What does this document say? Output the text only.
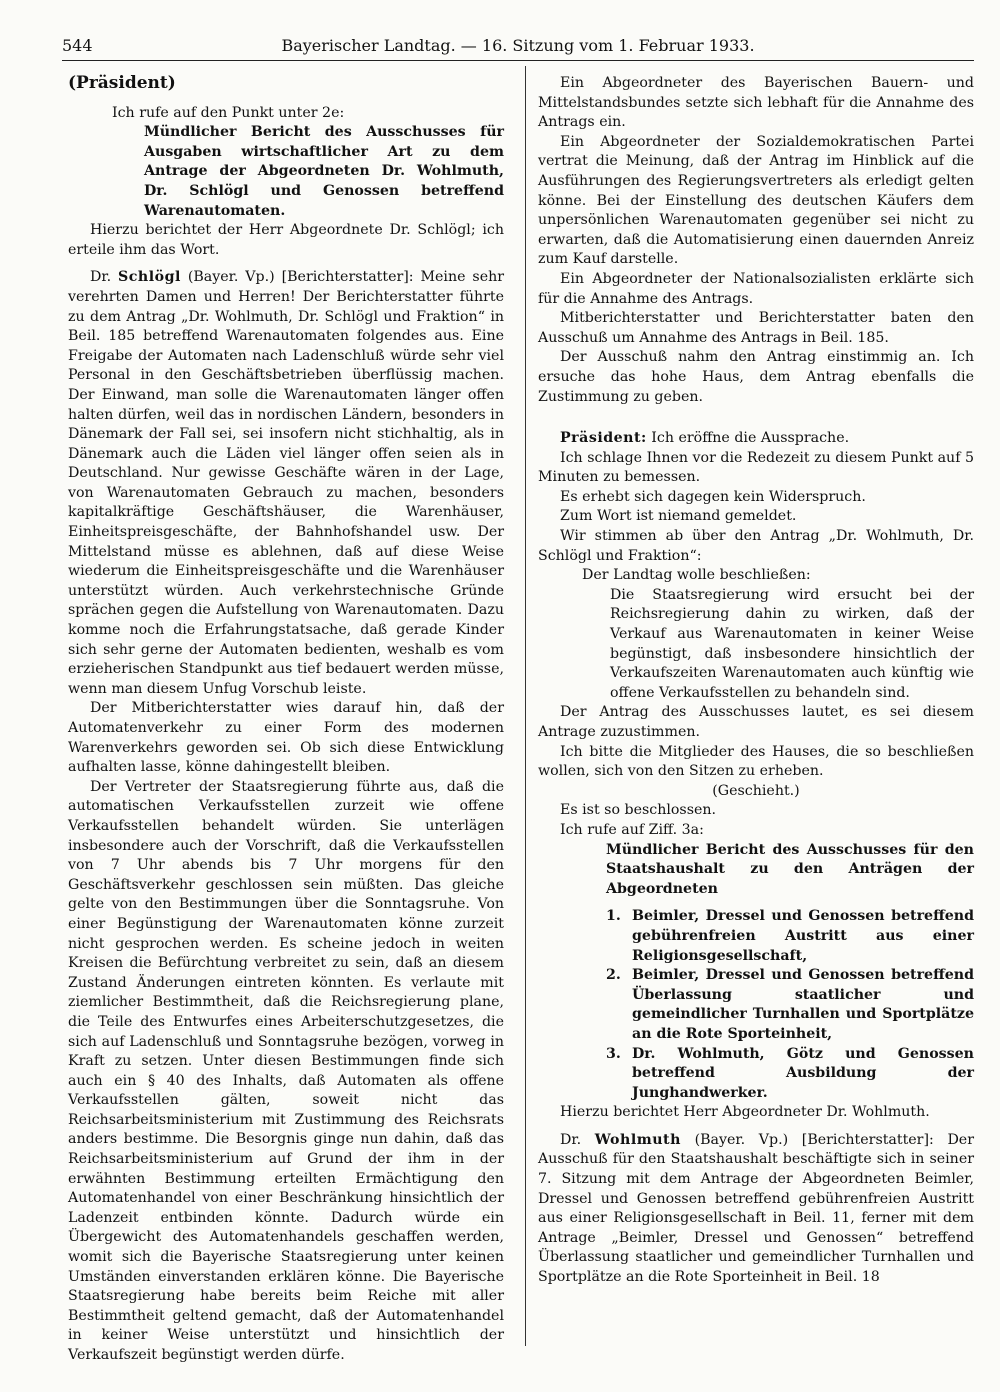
544	Bayerischer Landtag. — 16. Sitzung vom 1. Februar 1933.

(Präsident)

Ich rufe auf den Punkt unter 2e:

Mündlicher Bericht des Ausschusses für Ausgaben wirtschaftlicher Art zu dem Antrage der Abgeordneten Dr. Wohlmuth, Dr. Schlögl und Genossen betreffend Warenautomaten.

Hierzu berichtet der Herr Abgeordnete Dr. Schlögl; ich erteile ihm das Wort.

Dr. Schlögl (Bayer. Vp.) [Berichterstatter]: Meine sehr verehrten Damen und Herren! Der Berichterstatter führte zu dem Antrag „Dr. Wohlmuth, Dr. Schlögl und Fraktion“ in Beil. 185 betreffend Warenautomaten folgendes aus. Eine Freigabe der Automaten nach Ladenschluß würde sehr viel Personal in den Geschäftsbetrieben überflüssig machen. Der Einwand, man solle die Warenautomaten länger offen halten dürfen, weil das in nordischen Ländern, besonders in Dänemark der Fall sei, sei insofern nicht stichhaltig, als in Dänemark auch die Läden viel länger offen seien als in Deutschland. Nur gewisse Geschäfte wären in der Lage, von Warenautomaten Gebrauch zu machen, besonders kapitalkräftige Geschäftshäuser, die Warenhäuser, Einheitspreisgeschäfte, der Bahnhofshandel usw. Der Mittelstand müsse es ablehnen, daß auf diese Weise wiederum die Einheitspreisgeschäfte und die Warenhäuser unterstützt würden. Auch verkehrstechnische Gründe sprächen gegen die Aufstellung von Warenautomaten. Dazu komme noch die Erfahrungstatsache, daß gerade Kinder sich sehr gerne der Automaten bedienten, weshalb es vom erzieherischen Standpunkt aus tief bedauert werden müsse, wenn man diesem Unfug Vorschub leiste.

Der Mitberichterstatter wies darauf hin, daß der Automatenverkehr zu einer Form des modernen Warenverkehrs geworden sei. Ob sich diese Entwicklung aufhalten lasse, könne dahingestellt bleiben.

Der Vertreter der Staatsregierung führte aus, daß die automatischen Verkaufsstellen zurzeit wie offene Verkaufsstellen behandelt würden. Sie unterlägen insbesondere auch der Vorschrift, daß die Verkaufsstellen von 7 Uhr abends bis 7 Uhr morgens für den Geschäftsverkehr geschlossen sein müßten. Das gleiche gelte von den Bestimmungen über die Sonntagsruhe. Von einer Begünstigung der Warenautomaten könne zurzeit nicht gesprochen werden. Es scheine jedoch in weiten Kreisen die Befürchtung verbreitet zu sein, daß an diesem Zustand Änderungen eintreten könnten. Es verlaute mit ziemlicher Bestimmtheit, daß die Reichsregierung plane, die Teile des Entwurfes eines Arbeiterschutzgesetzes, die sich auf Ladenschluß und Sonntagsruhe bezögen, vorweg in Kraft zu setzen. Unter diesen Bestimmungen finde sich auch ein § 40 des Inhalts, daß Automaten als offene Verkaufsstellen gälten, soweit nicht das Reichsarbeitsministerium mit Zustimmung des Reichsrats anders bestimme. Die Besorgnis ginge nun dahin, daß das Reichsarbeitsministerium auf Grund der ihm in der erwähnten Bestimmung erteilten Ermächtigung den Automatenhandel von einer Beschränkung hinsichtlich der Ladenzeit entbinden könnte. Dadurch würde ein Übergewicht des Automatenhandels geschaffen werden, womit sich die Bayerische Staatsregierung unter keinen Umständen einverstanden erklären könne. Die Bayerische Staatsregierung habe bereits beim Reiche mit aller Bestimmtheit geltend gemacht, daß der Automatenhandel in keiner Weise unterstützt und hinsichtlich der Verkaufszeit begünstigt werden dürfe.

Ein Abgeordneter des Bayerischen Bauern- und Mittelstandsbundes setzte sich lebhaft für die Annahme des Antrags ein.

Ein Abgeordneter der Sozialdemokratischen Partei vertrat die Meinung, daß der Antrag im Hinblick auf die Ausführungen des Regierungsvertreters als erledigt gelten könne. Bei der Einstellung des deutschen Käufers dem unpersönlichen Warenautomaten gegenüber sei nicht zu erwarten, daß die Automatisierung einen dauernden Anreiz zum Kauf darstelle.

Ein Abgeordneter der Nationalsozialisten erklärte sich für die Annahme des Antrags.

Mitberichterstatter und Berichterstatter baten den Ausschuß um Annahme des Antrags in Beil. 185.

Der Ausschuß nahm den Antrag einstimmig an. Ich ersuche das hohe Haus, dem Antrag ebenfalls die Zustimmung zu geben.

Präsident: Ich eröffne die Aussprache.

Ich schlage Ihnen vor die Redezeit zu diesem Punkt auf 5 Minuten zu bemessen.

Es erhebt sich dagegen kein Widerspruch.

Zum Wort ist niemand gemeldet.

Wir stimmen ab über den Antrag „Dr. Wohlmuth, Dr. Schlögl und Fraktion“:

Der Landtag wolle beschließen:

Die Staatsregierung wird ersucht bei der Reichsregierung dahin zu wirken, daß der Verkauf aus Warenautomaten in keiner Weise begünstigt, daß insbesondere hinsichtlich der Verkaufszeiten Warenautomaten auch künftig wie offene Verkaufsstellen zu behandeln sind.

Der Antrag des Ausschusses lautet, es sei diesem Antrage zuzustimmen.

Ich bitte die Mitglieder des Hauses, die so beschließen wollen, sich von den Sitzen zu erheben.

(Geschieht.)

Es ist so beschlossen.

Ich rufe auf Ziff. 3a:

Mündlicher Bericht des Ausschusses für den Staatshaushalt zu den Anträgen der Abgeordneten

1. Beimler, Dressel und Genossen betreffend gebührenfreien Austritt aus einer Religionsgesellschaft,
2. Beimler, Dressel und Genossen betreffend Überlassung staatlicher und gemeindlicher Turnhallen und Sportplätze an die Rote Sporteinheit,
3. Dr. Wohlmuth, Götz und Genossen betreffend Ausbildung der Junghandwerker.

Hierzu berichtet Herr Abgeordneter Dr. Wohlmuth.

Dr. Wohlmuth (Bayer. Vp.) [Berichterstatter]: Der Ausschuß für den Staatshaushalt beschäftigte sich in seiner 7. Sitzung mit dem Antrage der Abgeordneten Beimler, Dressel und Genossen betreffend gebührenfreien Austritt aus einer Religionsgesellschaft in Beil. 11, ferner mit dem Antrage „Beimler, Dressel und Genossen“ betreffend Überlassung staatlicher und gemeindlicher Turnhallen und Sportplätze an die Rote Sporteinheit in Beil. 18
